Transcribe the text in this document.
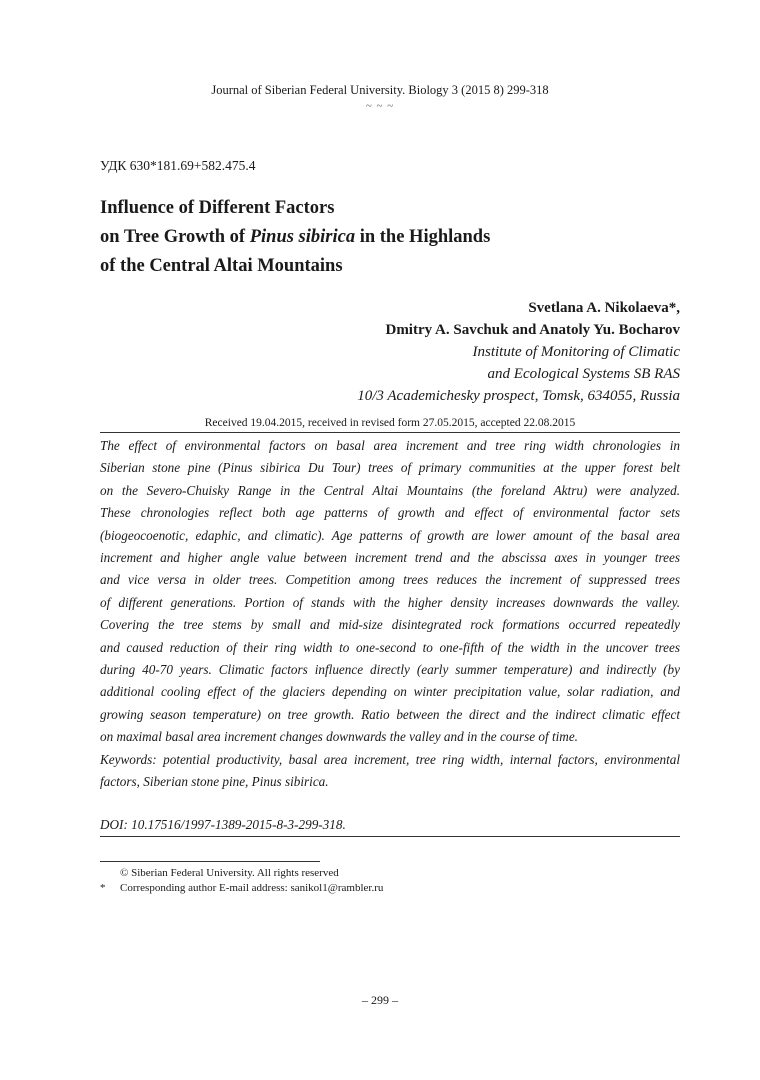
Journal of Siberian Federal University. Biology 3 (2015 8) 299-318
~ ~ ~
УДК 630*181.69+582.475.4
Influence of Different Factors
on Tree Growth of Pinus sibirica in the Highlands
of the Central Altai Mountains
Svetlana A. Nikolaeva*,
Dmitry A. Savchuk and Anatoly Yu. Bocharov
Institute of Monitoring of Climatic
and Ecological Systems SB RAS
10/3 Academichesky prospect, Tomsk, 634055, Russia
Received 19.04.2015, received in revised form 27.05.2015, accepted 22.08.2015
The effect of environmental factors on basal area increment and tree ring width chronologies in
Siberian stone pine (Pinus sibirica Du Tour) trees of primary communities at the upper forest belt
on the Severo-Chuisky Range in the Central Altai Mountains (the foreland Aktru) were analyzed.
These chronologies reflect both age patterns of growth and effect of environmental factor sets
(biogeocoenotic, edaphic, and climatic). Age patterns of growth are lower amount of the basal area
increment and higher angle value between increment trend and the abscissa axes in younger trees
and vice versa in older trees. Competition among trees reduces the increment of suppressed trees
of different generations. Portion of stands with the higher density increases downwards the valley.
Covering the tree stems by small and mid-size disintegrated rock formations occurred repeatedly
and caused reduction of their ring width to one-second to one-fifth of the width in the uncover trees
during 40-70 years. Climatic factors influence directly (early summer temperature) and indirectly (by
additional cooling effect of the glaciers depending on winter precipitation value, solar radiation, and
growing season temperature) on tree growth. Ratio between the direct and the indirect climatic effect
on maximal basal area increment changes downwards the valley and in the course of time.
Keywords: potential productivity, basal area increment, tree ring width, internal factors, environmental
factors, Siberian stone pine, Pinus sibirica.
DOI: 10.17516/1997-1389-2015-8-3-299-318.
© Siberian Federal University. All rights reserved
* Corresponding author E-mail address: sanikol1@rambler.ru
– 299 –
